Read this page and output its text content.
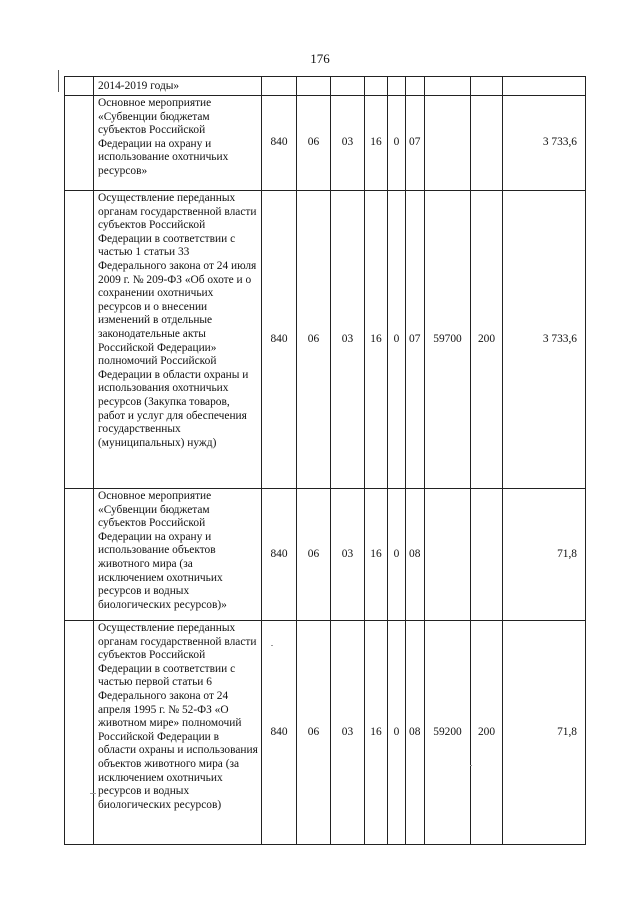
176
	2014-2019 годы»									
	Основное мероприятие «Субвенции бюджетам субъектов Российской Федерации на охрану и использование охотничьих ресурсов»	840	06	03	16	0	07			3 733,6
	Осуществление переданных органам государственной власти субъектов Российской Федерации в соответствии с частью 1 статьи 33 Федерального закона от 24 июля 2009 г. № 209-ФЗ «Об охоте и о сохранении охотничьих ресурсов и о внесении изменений в отдельные законодательные акты Российской Федерации» полномочий Российской Федерации в области охраны и использования охотничьих ресурсов (Закупка товаров, работ и услуг для обеспечения государственных (муниципальных) нужд)	840	06	03	16	0	07	59700	200	3 733,6
	Основное мероприятие «Субвенции бюджетам субъектов Российской Федерации на охрану и использование объектов животного мира (за исключением охотничьих ресурсов и водных биологических ресурсов)»	840	06	03	16	0	08			71,8
	Осуществление переданных органам государственной власти субъектов Российской Федерации в соответствии с частью первой статьи 6 Федерального закона от 24 апреля 1995 г. № 52-ФЗ «О животном мире» полномочий Российской Федерации в области охраны и использования объектов животного мира (за исключением охотничьих ресурсов и водных биологических ресурсов)	840	06	03	16	0	08	59200	200	71,8
